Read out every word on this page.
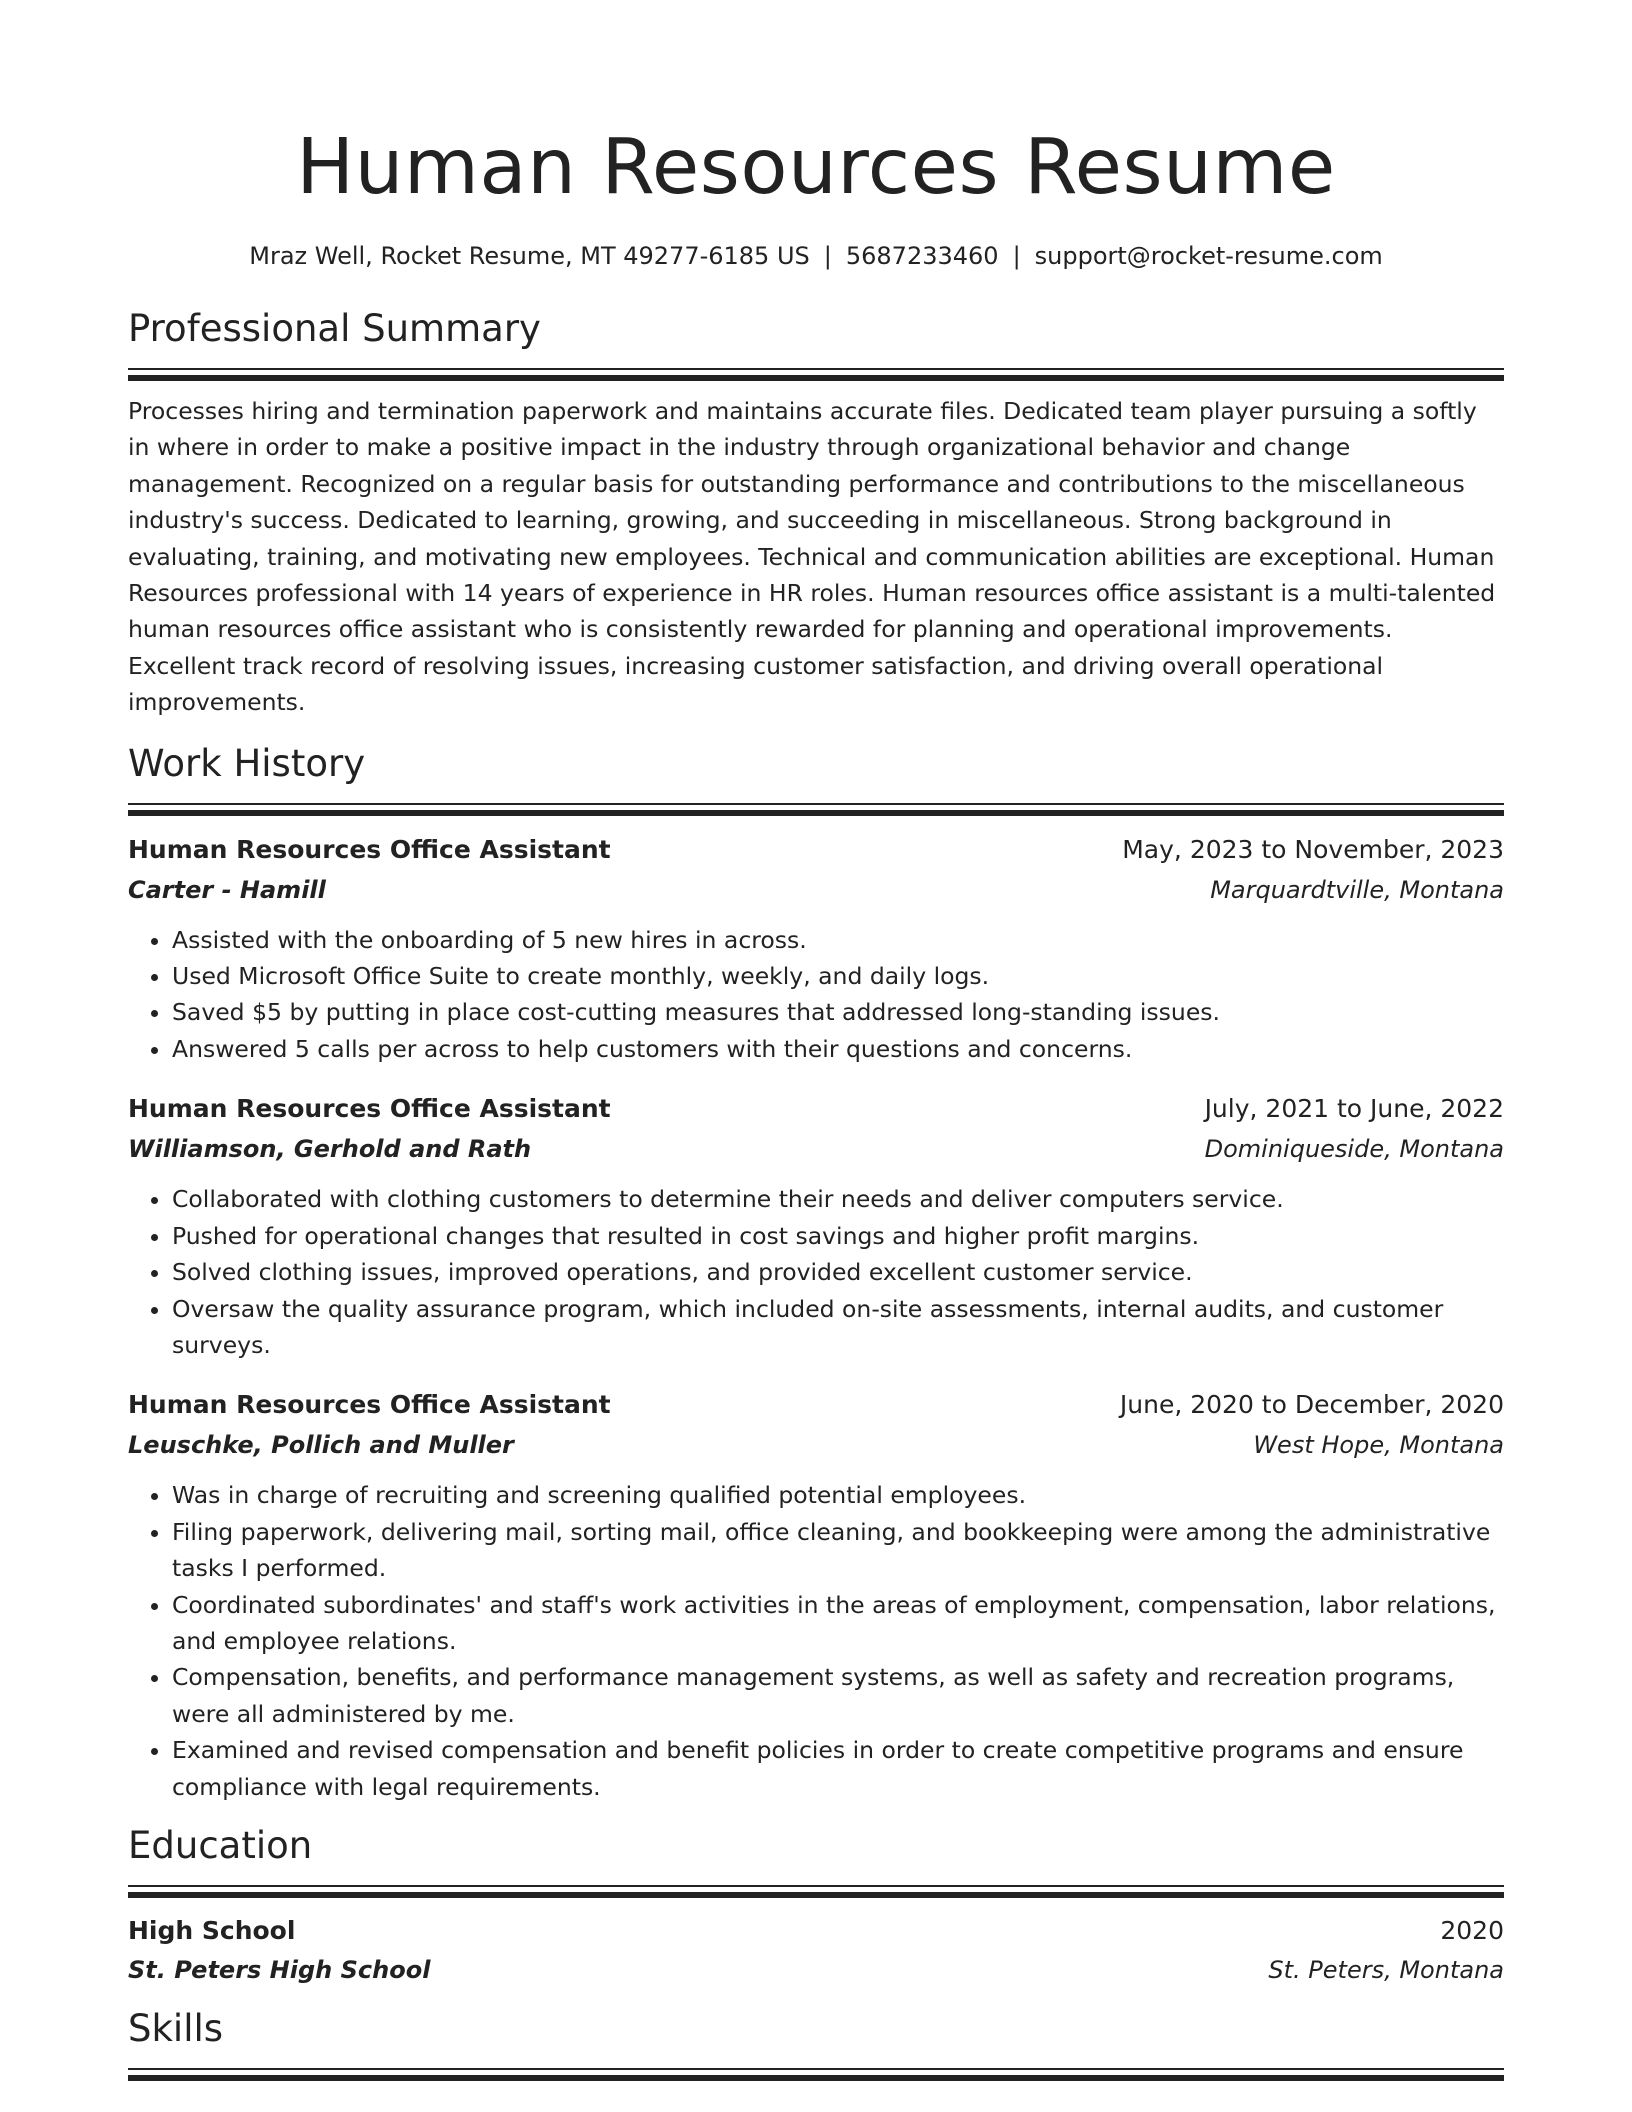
Human Resources Resume
Mraz Well, Rocket Resume, MT 49277-6185 US | 5687233460 | support@rocket-resume.com
Professional Summary

Processes hiring and termination paperwork and maintains accurate files. Dedicated team player pursuing a softly in where in order to make a positive impact in the industry through organizational behavior and change management. Recognized on a regular basis for outstanding performance and contributions to the miscellaneous industry's success. Dedicated to learning, growing, and succeeding in miscellaneous. Strong background in evaluating, training, and motivating new employees. Technical and communication abilities are exceptional. Human Resources professional with 14 years of experience in HR roles. Human resources office assistant is a multi-talented human resources office assistant who is consistently rewarded for planning and operational improvements. Excellent track record of resolving issues, increasing customer satisfaction, and driving overall operational improvements.

Work History
Human Resources Office Assistant	May, 2023 to November, 2023
Carter - Hamill	Marquardtville, Montana
• Assisted with the onboarding of 5 new hires in across.
• Used Microsoft Office Suite to create monthly, weekly, and daily logs.
• Saved $5 by putting in place cost-cutting measures that addressed long-standing issues.
• Answered 5 calls per across to help customers with their questions and concerns.
Human Resources Office Assistant	July, 2021 to June, 2022
Williamson, Gerhold and Rath	Dominiqueside, Montana
• Collaborated with clothing customers to determine their needs and deliver computers service.
• Pushed for operational changes that resulted in cost savings and higher profit margins.
• Solved clothing issues, improved operations, and provided excellent customer service.
• Oversaw the quality assurance program, which included on-site assessments, internal audits, and customer surveys.
Human Resources Office Assistant	June, 2020 to December, 2020
Leuschke, Pollich and Muller	West Hope, Montana
• Was in charge of recruiting and screening qualified potential employees.
• Filing paperwork, delivering mail, sorting mail, office cleaning, and bookkeeping were among the administrative tasks I performed.
• Coordinated subordinates' and staff's work activities in the areas of employment, compensation, labor relations, and employee relations.
• Compensation, benefits, and performance management systems, as well as safety and recreation programs, were all administered by me.
• Examined and revised compensation and benefit policies in order to create competitive programs and ensure compliance with legal requirements.
Education
High School	2020
St. Peters High School	St. Peters, Montana
Skills
